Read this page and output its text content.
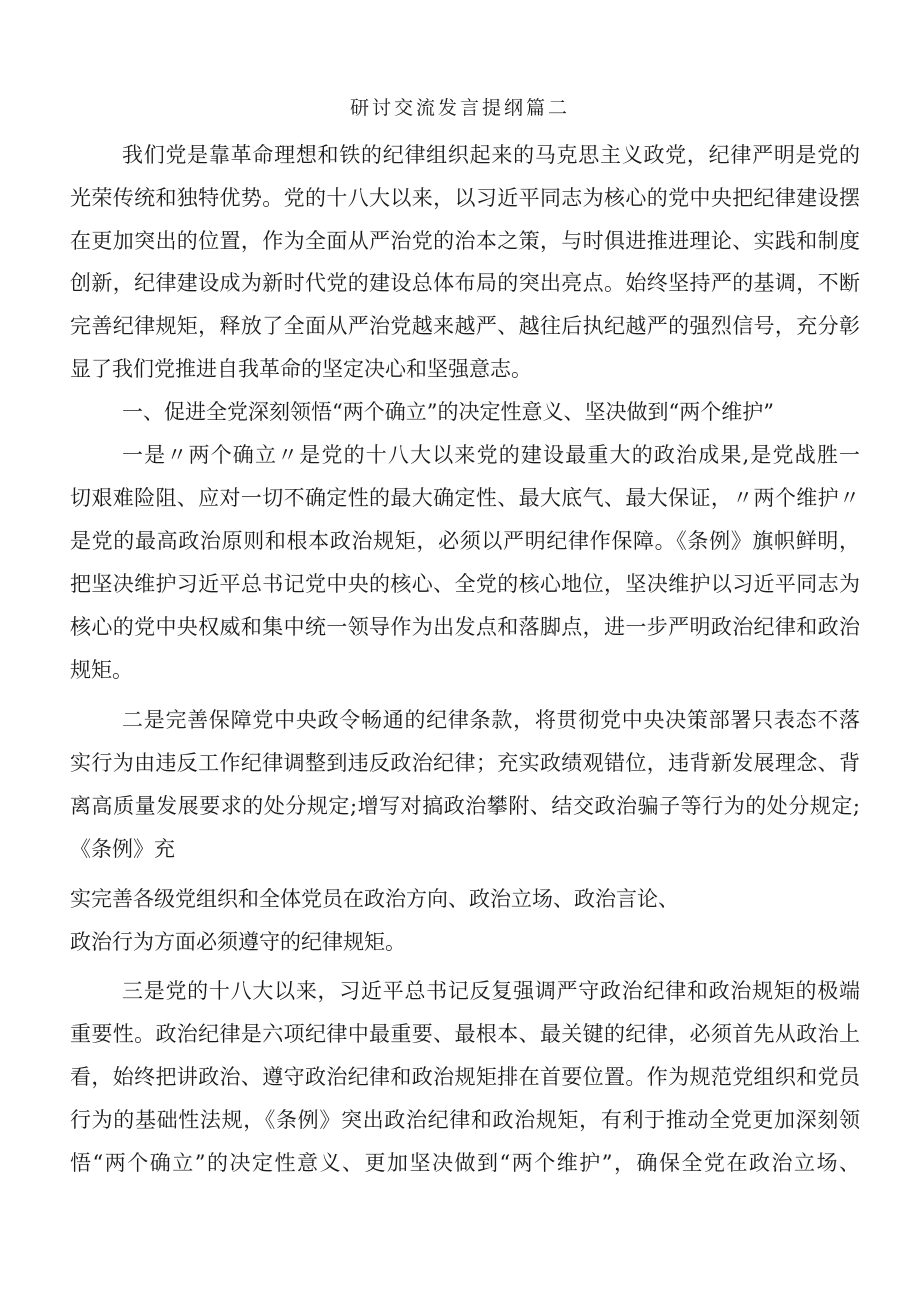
研讨交流发言提纲篇二
我们党是靠革命理想和铁的纪律组织起来的马克思主义政党，纪律严明是党的
光荣传统和独特优势。党的十八大以来，以习近平同志为核心的党中央把纪律建设摆
在更加突出的位置，作为全面从严治党的治本之策，与时俱进推进理论、实践和制度
创新，纪律建设成为新时代党的建设总体布局的突出亮点。始终坚持严的基调，不断
完善纪律规矩，释放了全面从严治党越来越严、越往后执纪越严的强烈信号，充分彰
显了我们党推进自我革命的坚定决心和坚强意志。
一、促进全党深刻领悟“两个确立”的决定性意义、坚决做到“两个维护”
一是〃两个确立〃是党的十八大以来党的建设最重大的政治成果,是党战胜一
切艰难险阻、应对一切不确定性的最大确定性、最大底气、最大保证，〃两个维护〃
是党的最高政治原则和根本政治规矩，必须以严明纪律作保障。《条例》旗帜鲜明，
把坚决维护习近平总书记党中央的核心、全党的核心地位，坚决维护以习近平同志为
核心的党中央权威和集中统一领导作为出发点和落脚点，进一步严明政治纪律和政治
规矩。
二是完善保障党中央政令畅通的纪律条款，将贯彻党中央决策部署只表态不落
实行为由违反工作纪律调整到违反政治纪律；充实政绩观错位，违背新发展理念、背
离高质量发展要求的处分规定;增写对搞政治攀附、结交政治骗子等行为的处分规定;
《条例》充
实完善各级党组织和全体党员在政治方向、政治立场、政治言论、
政治行为方面必须遵守的纪律规矩。
三是党的十八大以来，习近平总书记反复强调严守政治纪律和政治规矩的极端
重要性。政治纪律是六项纪律中最重要、最根本、最关键的纪律，必须首先从政治上
看，始终把讲政治、遵守政治纪律和政治规矩排在首要位置。作为规范党组织和党员
行为的基础性法规，《条例》突出政治纪律和政治规矩，有利于推动全党更加深刻领
悟“两个确立”的决定性意义、更加坚决做到“两个维护”，确保全党在政治立场、
